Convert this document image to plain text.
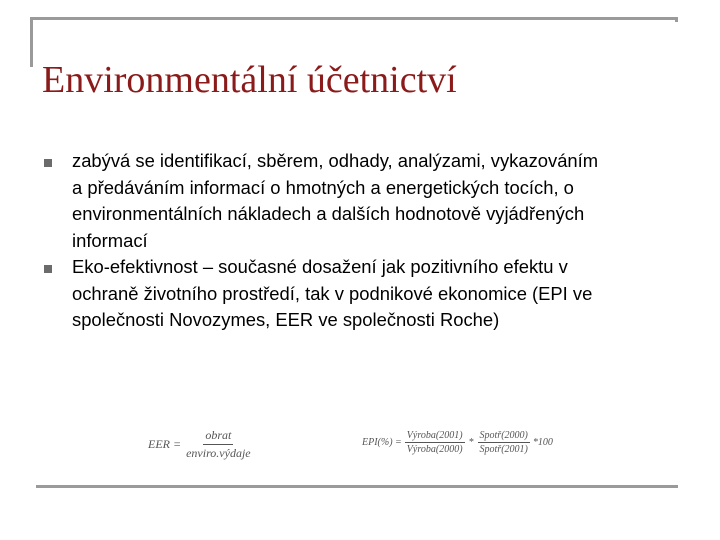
Environmentální účetnictví
zabývá se identifikací, sběrem, odhady, analýzami, vykazováním a předáváním informací o hmotných a energetických tocích, o environmentálních nákladech a dalších hodnotově vyjádřených informací
Eko-efektivnost – současné dosažení jak pozitivního efektu v ochraně životního prostředí, tak v podnikové ekonomice (EPI ve společnosti Novozymes, EER ve společnosti Roche)
EER = $\frac{\text{obrat}}{\text{enviro.výdaje}}$	$EPI(\%) = \frac{\text{Výroba(2001)}}{\text{Výroba(2000)}} * \frac{\text{Spotř(2000)}}{\text{Spotř(2001)}} *100$
